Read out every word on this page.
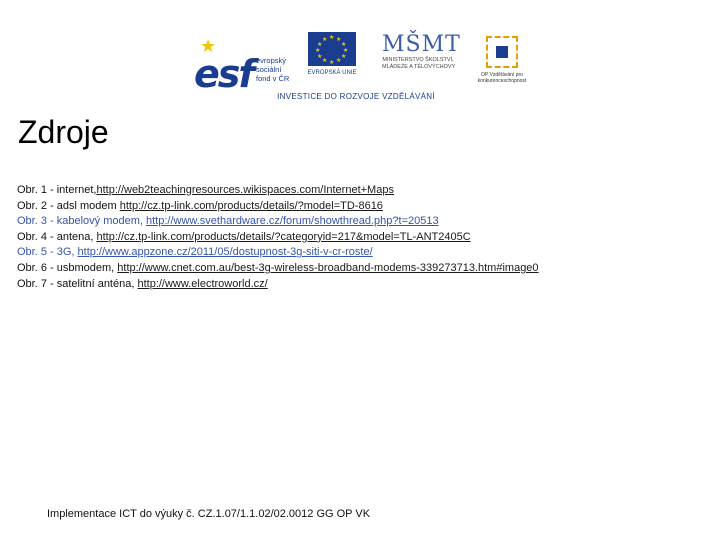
★
esf evropský
sociální
fond v ČR
★ ★
★
★
★
★
★
★
★
★
★
★
EVROPSKÁ UNIE
MŠMT
MINISTERSTVO ŠKOLSTVÍ,
MLÁDEŽE A TĚLOVÝCHOVY
OP Vzdělávání pro konkurenceschopnost
INVESTICE DO ROZVOJE VZDĚLÁVÁNÍ
Zdroje
Obr. 1 - internet,http://web2teachingresources.wikispaces.com/Internet+Maps
Obr. 2 - adsl modem http://cz.tp-link.com/products/details/?model=TD-8616
Obr. 3 - kabelový modem, http://www.svethardware.cz/forum/showthread.php?t=20513
Obr. 4 - antena, http://cz.tp-link.com/products/details/?categoryid=217&model=TL-ANT2405C
Obr. 5 - 3G, http://www.appzone.cz/2011/05/dostupnost-3g-siti-v-cr-roste/
Obr. 6 - usbmodem, http://www.cnet.com.au/best-3g-wireless-broadband-modems-339273713.htm#image0
Obr. 7 - satelitní anténa, http://www.electroworld.cz/
Implementace ICT do výuky č. CZ.1.07/1.1.02/02.0012 GG OP VK
